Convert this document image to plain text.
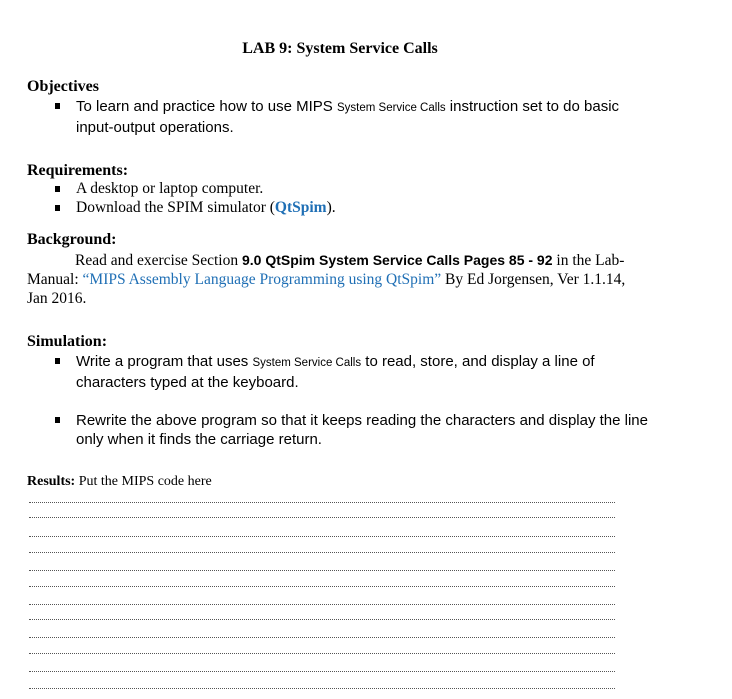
LAB 9: System Service Calls
Objectives
To learn and practice how to use MIPS System Service Calls instruction set to do basic
input-output operations.
Requirements:
A desktop or laptop computer.
Download the SPIM simulator (QtSpim).
Background:
Read and exercise Section 9.0 QtSpim System Service Calls Pages 85 - 92 in the Lab-
Manual: “MIPS Assembly Language Programming using QtSpim” By Ed Jorgensen, Ver 1.1.14,
Jan 2016.
Simulation:
Write a program that uses System Service Calls to read, store, and display a line of
characters typed at the keyboard.
Rewrite the above program so that it keeps reading the characters and display the line
only when it finds the carriage return.
Results: Put the MIPS code here
